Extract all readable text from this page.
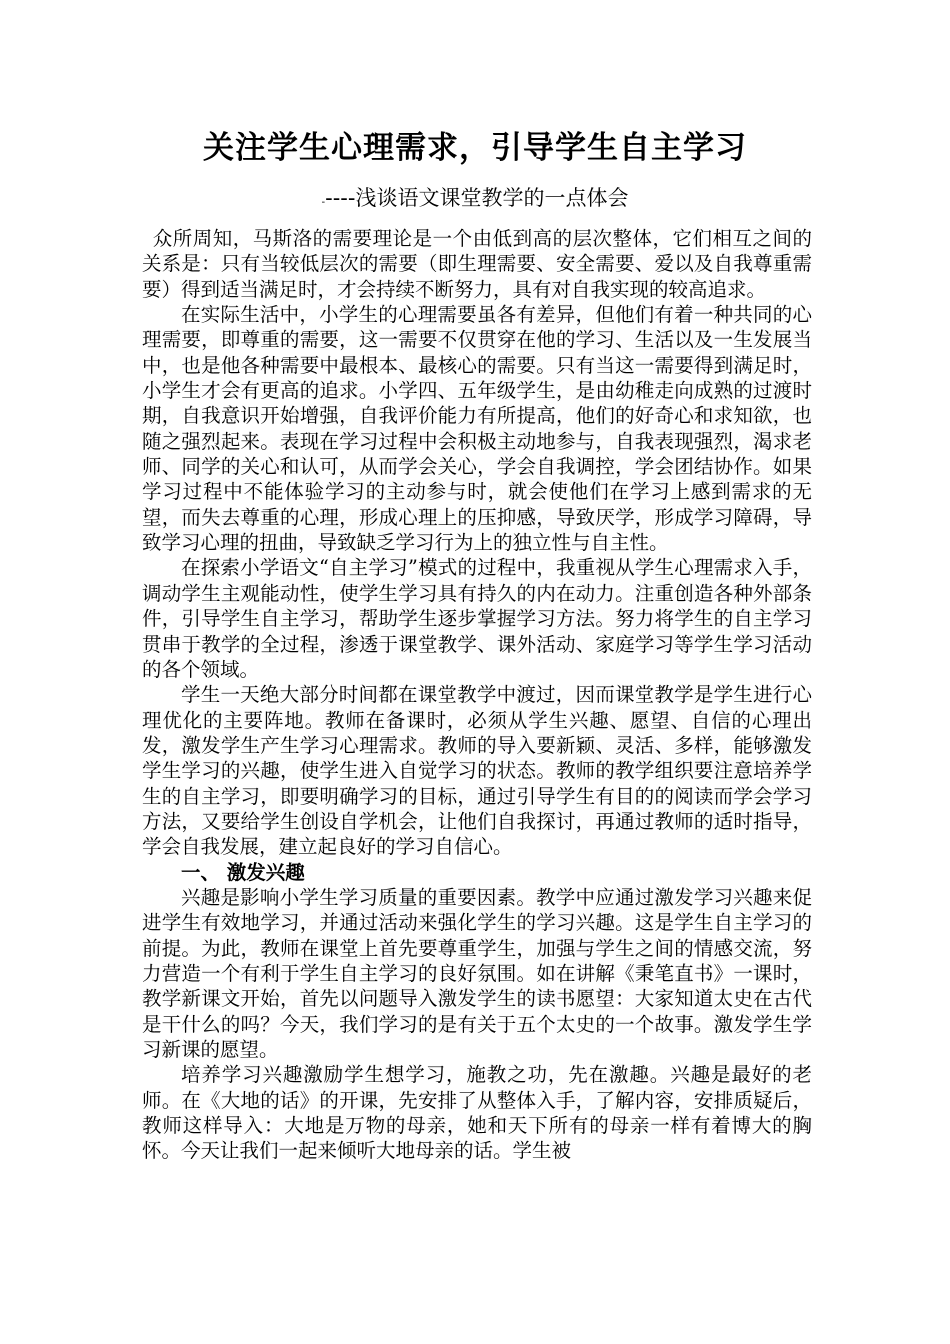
关注学生心理需求，引导学生自主学习
-----浅谈语文课堂教学的一点体会

众所周知，马斯洛的需要理论是一个由低到高的层次整体，它们相互之间的关系是：只有当较低层次的需要（即生理需要、安全需要、爱以及自我尊重需要）得到适当满足时，才会持续不断努力，具有对自我实现的较高追求。

在实际生活中，小学生的心理需要虽各有差异，但他们有着一种共同的心理需要，即尊重的需要，这一需要不仅贯穿在他的学习、生活以及一生发展当中，也是他各种需要中最根本、最核心的需要。只有当这一需要得到满足时，小学生才会有更高的追求。小学四、五年级学生，是由幼稚走向成熟的过渡时期，自我意识开始增强，自我评价能力有所提高，他们的好奇心和求知欲，也随之强烈起来。表现在学习过程中会积极主动地参与，自我表现强烈，渴求老师、同学的关心和认可，从而学会关心，学会自我调控，学会团结协作。如果学习过程中不能体验学习的主动参与时，就会使他们在学习上感到需求的无望，而失去尊重的心理，形成心理上的压抑感，导致厌学，形成学习障碍，导致学习心理的扭曲，导致缺乏学习行为上的独立性与自主性。

在探索小学语文“自主学习”模式的过程中，我重视从学生心理需求入手，调动学生主观能动性，使学生学习具有持久的内在动力。注重创造各种外部条件，引导学生自主学习，帮助学生逐步掌握学习方法。努力将学生的自主学习贯串于教学的全过程，渗透于课堂教学、课外活动、家庭学习等学生学习活动的各个领域。

学生一天绝大部分时间都在课堂教学中渡过，因而课堂教学是学生进行心理优化的主要阵地。教师在备课时，必须从学生兴趣、愿望、自信的心理出发，激发学生产生学习心理需求。教师的导入要新颖、灵活、多样，能够激发学生学习的兴趣，使学生进入自觉学习的状态。教师的教学组织要注意培养学生的自主学习，即要明确学习的目标，通过引导学生有目的的阅读而学会学习方法，又要给学生创设自学机会，让他们自我探讨，再通过教师的适时指导，学会自我发展，建立起良好的学习自信心。

一、 激发兴趣

兴趣是影响小学生学习质量的重要因素。教学中应通过激发学习兴趣来促进学生有效地学习，并通过活动来强化学生的学习兴趣。这是学生自主学习的前提。为此，教师在课堂上首先要尊重学生，加强与学生之间的情感交流，努力营造一个有利于学生自主学习的良好氛围。如在讲解《秉笔直书》一课时，教学新课文开始，首先以问题导入激发学生的读书愿望：大家知道太史在古代是干什么的吗？今天，我们学习的是有关于五个太史的一个故事。激发学生学习新课的愿望。

培养学习兴趣激励学生想学习，施教之功，先在激趣。兴趣是最好的老师。在《大地的话》的开课，先安排了从整体入手，了解内容，安排质疑后，教师这样导入：大地是万物的母亲，她和天下所有的母亲一样有着博大的胸怀。今天让我们一起来倾听大地母亲的话。学生被
